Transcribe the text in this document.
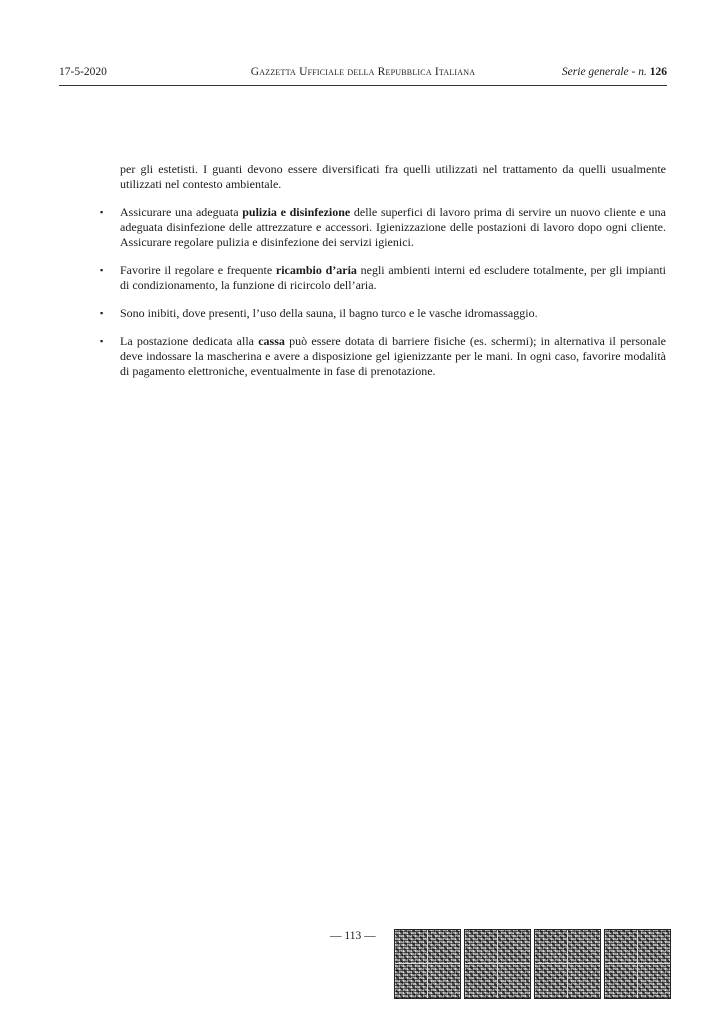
17-5-2020	Gazzetta Ufficiale della Repubblica Italiana	Serie generale - n. 126

per gli estetisti. I guanti devono essere diversificati fra quelli utilizzati nel trattamento da quelli usualmente utilizzati nel contesto ambientale.

▪ Assicurare una adeguata pulizia e disinfezione delle superfici di lavoro prima di servire un nuovo cliente e una adeguata disinfezione delle attrezzature e accessori. Igienizzazione delle postazioni di lavoro dopo ogni cliente. Assicurare regolare pulizia e disinfezione dei servizi igienici.
▪ Favorire il regolare e frequente ricambio d’aria negli ambienti interni ed escludere totalmente, per gli impianti di condizionamento, la funzione di ricircolo dell’aria.
▪ Sono inibiti, dove presenti, l’uso della sauna, il bagno turco e le vasche idromassaggio.
▪ La postazione dedicata alla cassa può essere dotata di barriere fisiche (es. schermi); in alternativa il personale deve indossare la mascherina e avere a disposizione gel igienizzante per le mani. In ogni caso, favorire modalità di pagamento elettroniche, eventualmente in fase di prenotazione.
— 113 —
